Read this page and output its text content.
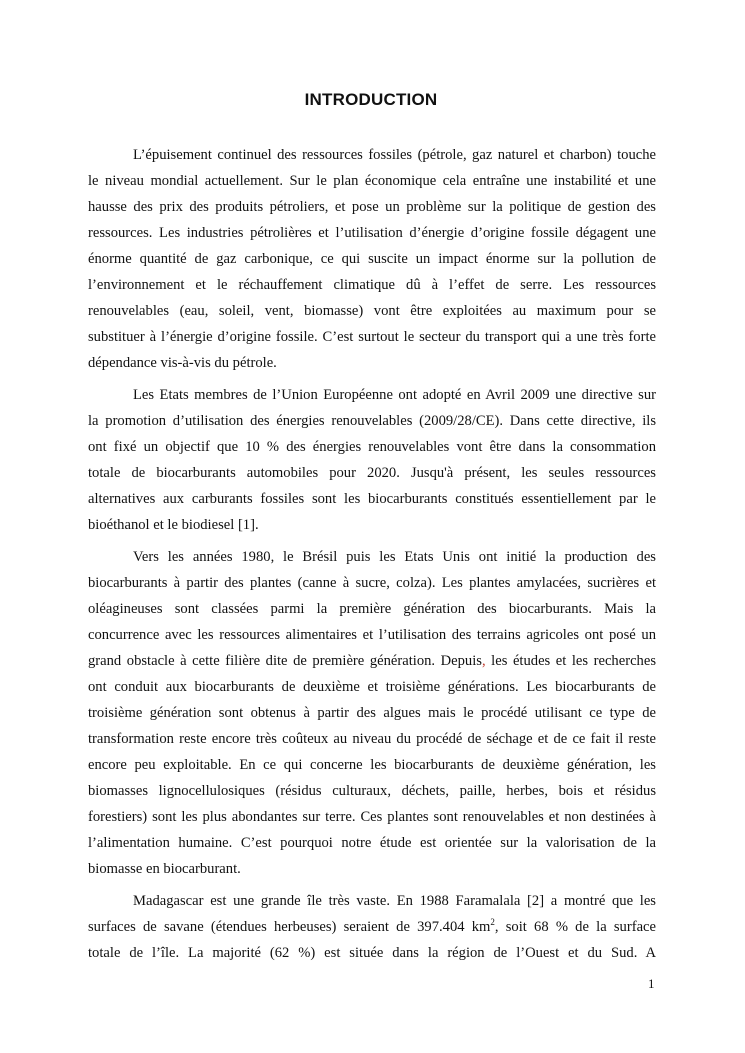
INTRODUCTION
L’épuisement continuel des ressources fossiles (pétrole, gaz naturel et charbon) touche
le niveau mondial actuellement. Sur le plan économique cela entraîne une instabilité et une
hausse des prix des produits pétroliers, et pose un problème sur la politique de gestion des
ressources. Les industries pétrolières et l’utilisation d’énergie d’origine fossile dégagent une
énorme quantité de gaz carbonique, ce qui suscite un impact énorme sur la pollution de
l’environnement et le réchauffement climatique dû à l’effet de serre. Les ressources
renouvelables (eau, soleil, vent, biomasse) vont être exploitées au maximum pour se
substituer à l’énergie d’origine fossile. C’est surtout le secteur du transport qui a une très forte
dépendance vis-à-vis du pétrole.
Les Etats membres de l’Union Européenne ont adopté en Avril 2009 une directive sur
la promotion d’utilisation des énergies renouvelables (2009/28/CE). Dans cette directive, ils
ont fixé un objectif que 10 % des énergies renouvelables vont être dans la consommation
totale de biocarburants automobiles pour 2020. Jusqu'à présent, les seules ressources
alternatives aux carburants fossiles sont les biocarburants constitués essentiellement par le
bioéthanol et le biodiesel [1].
Vers les années 1980, le Brésil puis les Etats Unis ont initié la production des
biocarburants à partir des plantes (canne à sucre, colza). Les plantes amylacées, sucrières et
oléagineuses sont classées parmi la première génération des biocarburants. Mais la
concurrence avec les ressources alimentaires et l’utilisation des terrains agricoles ont posé un
grand obstacle à cette filière dite de première génération. Depuis, les études et les recherches
ont conduit aux biocarburants de deuxième et troisième générations. Les biocarburants de
troisième génération sont obtenus à partir des algues mais le procédé utilisant ce type de
transformation reste encore très coûteux au niveau du procédé de séchage et de ce fait il reste
encore peu exploitable. En ce qui concerne les biocarburants de deuxième génération, les
biomasses lignocellulosiques (résidus culturaux, déchets, paille, herbes, bois et résidus
forestiers) sont les plus abondantes sur terre. Ces plantes sont renouvelables et non destinées à
l’alimentation humaine. C’est pourquoi notre étude est orientée sur la valorisation de la
biomasse en biocarburant.
Madagascar est une grande île très vaste. En 1988 Faramalala [2] a montré que les
surfaces de savane (étendues herbeuses) seraient de 397.404 $km^2$, soit 68 % de la surface
totale de l’île. La majorité (62 %) est située dans la région de l’Ouest et du Sud. A
1
